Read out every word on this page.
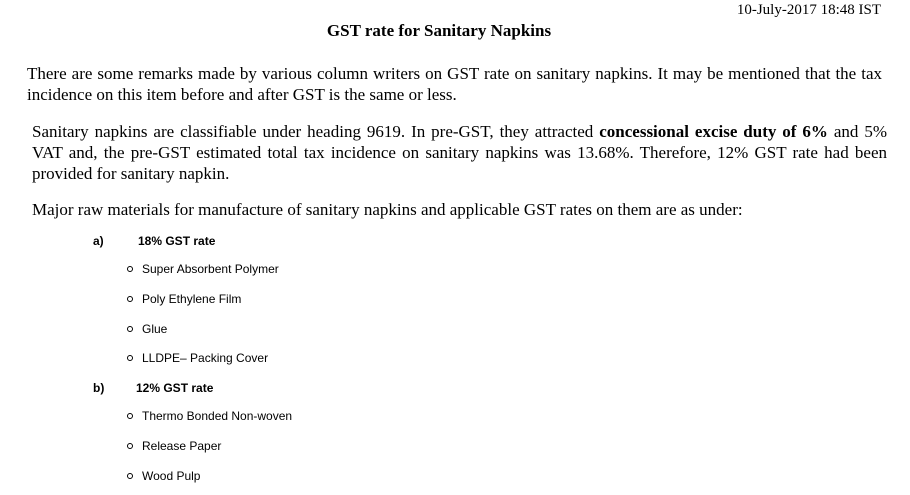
10-July-2017 18:48 IST
GST rate for Sanitary Napkins

There are some remarks made by various column writers on GST rate on sanitary napkins. It may be mentioned that the tax incidence on this item before and after GST is the same or less.

Sanitary napkins are classifiable under heading 9619. In pre-GST, they attracted concessional excise duty of 6% and 5% VAT and, the pre-GST estimated total tax incidence on sanitary napkins was 13.68%. Therefore, 12% GST rate had been provided for sanitary napkin.

Major raw materials for manufacture of sanitary napkins and applicable GST rates on them are as under:

a)	18% GST rate
Super Absorbent Polymer
Poly Ethylene Film
Glue
LLDPE– Packing Cover
b)	12% GST rate
Thermo Bonded Non-woven
Release Paper
Wood Pulp
